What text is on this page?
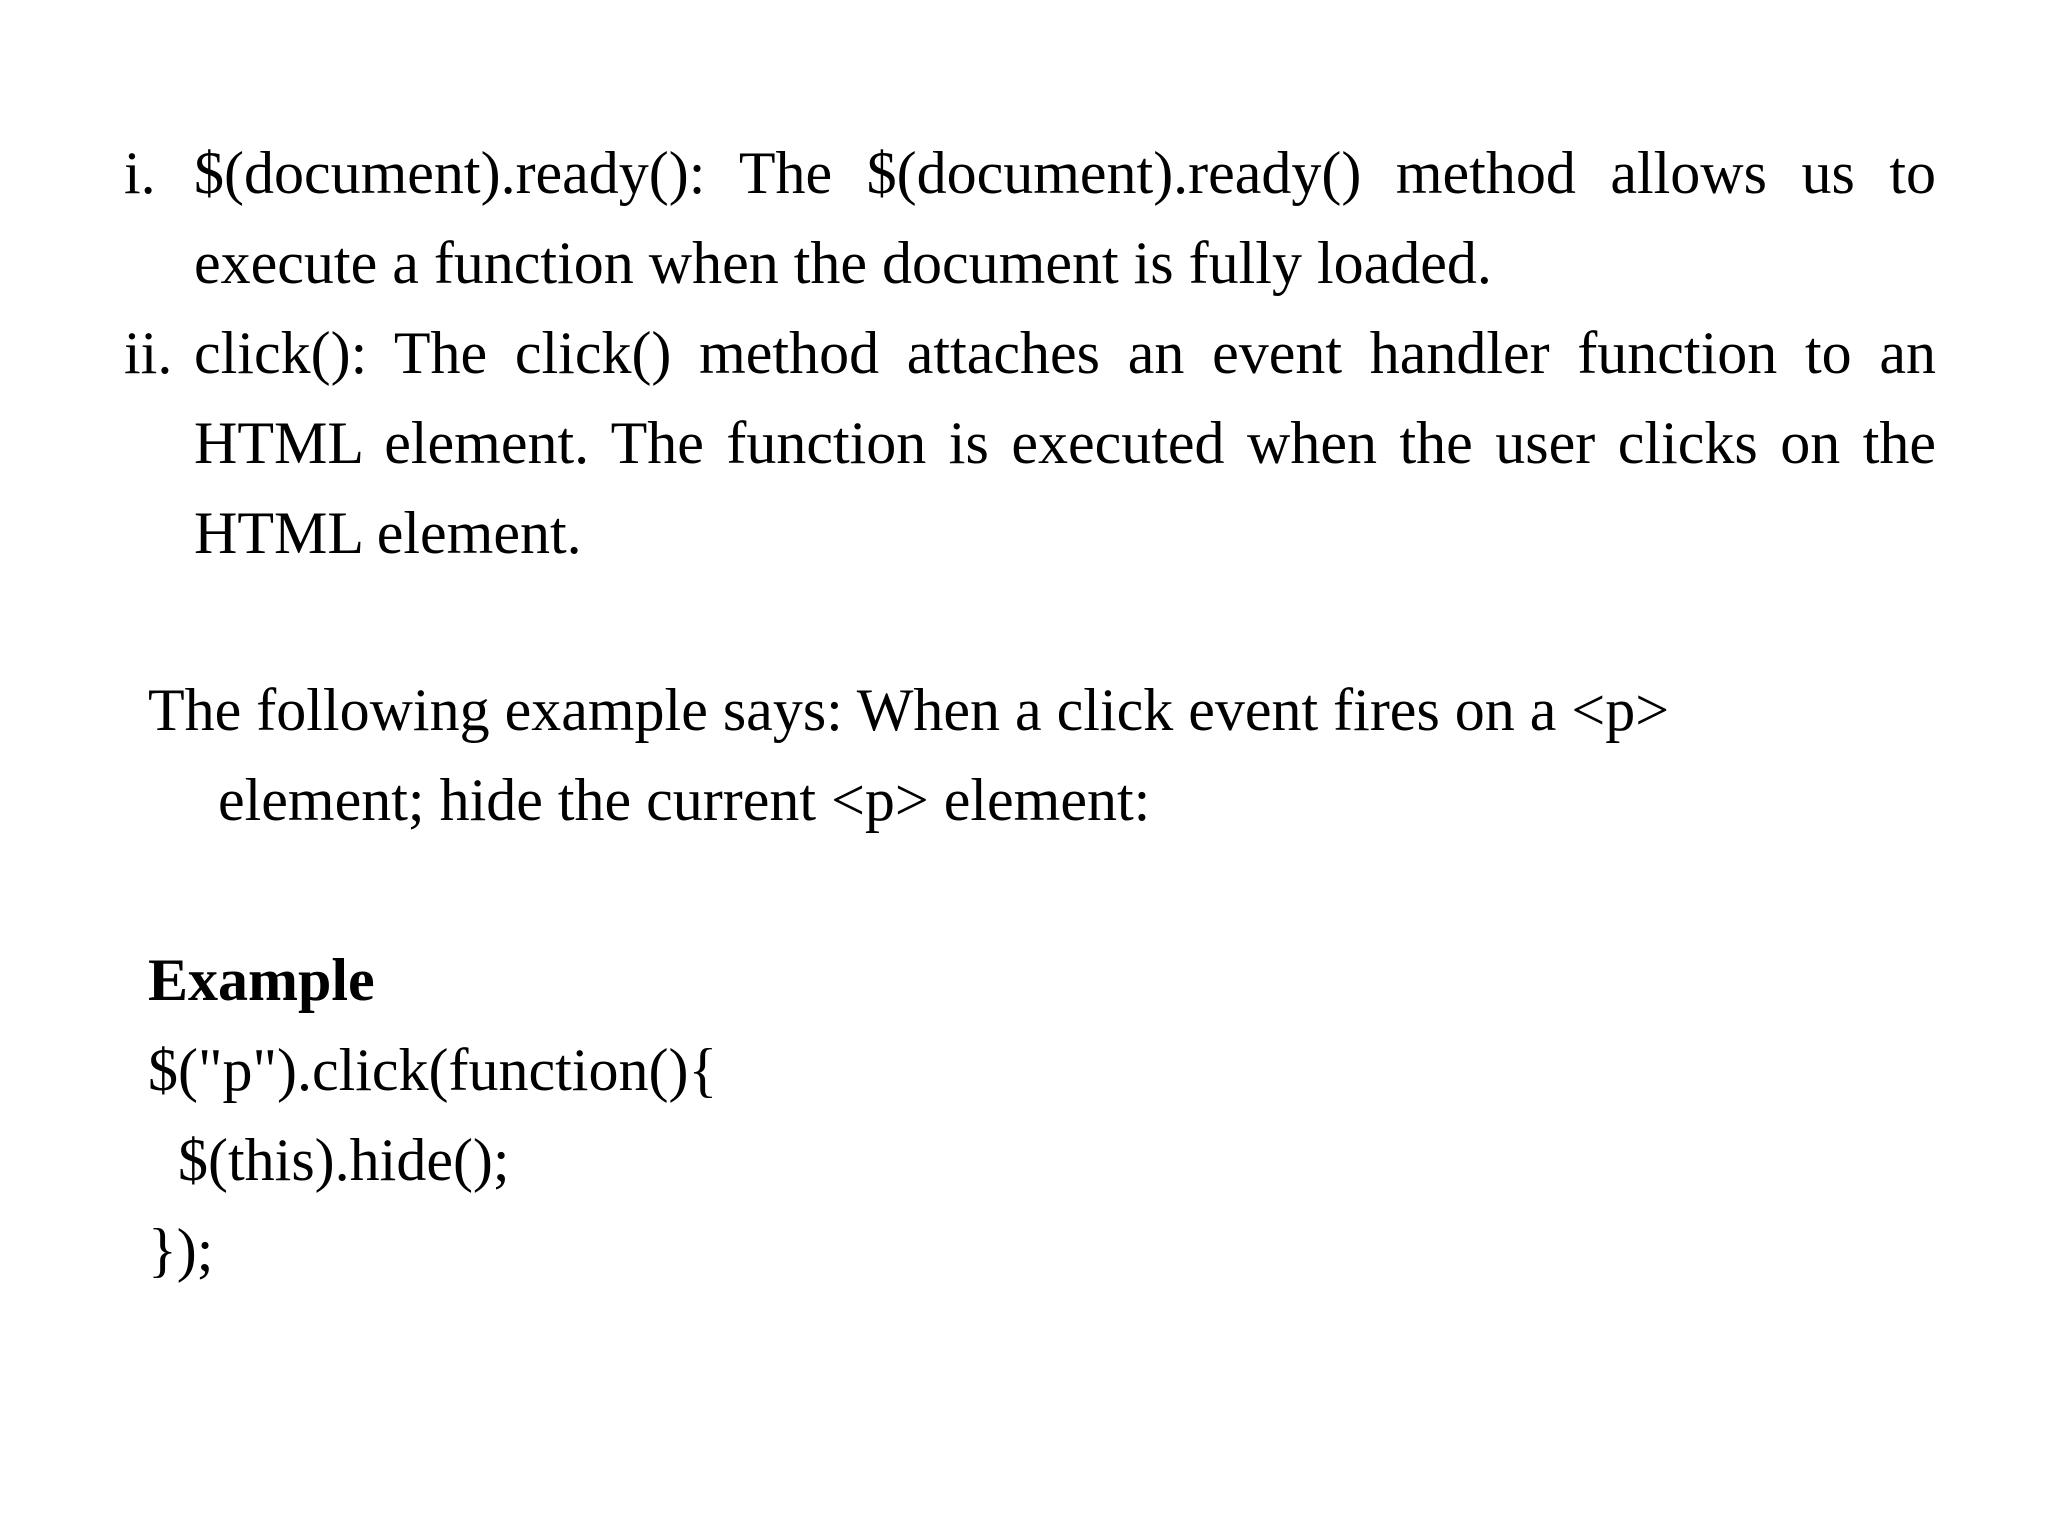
i. $(document).ready(): The $(document).ready() method allows us to execute a function when the document is fully loaded.
ii. click(): The click() method attaches an event handler function to an HTML element. The function is executed when the user clicks on the HTML element.

The following example says: When a click event fires on a <p>
element; hide the current <p> element:

Example
$("p").click(function(){
$(this).hide();
});
